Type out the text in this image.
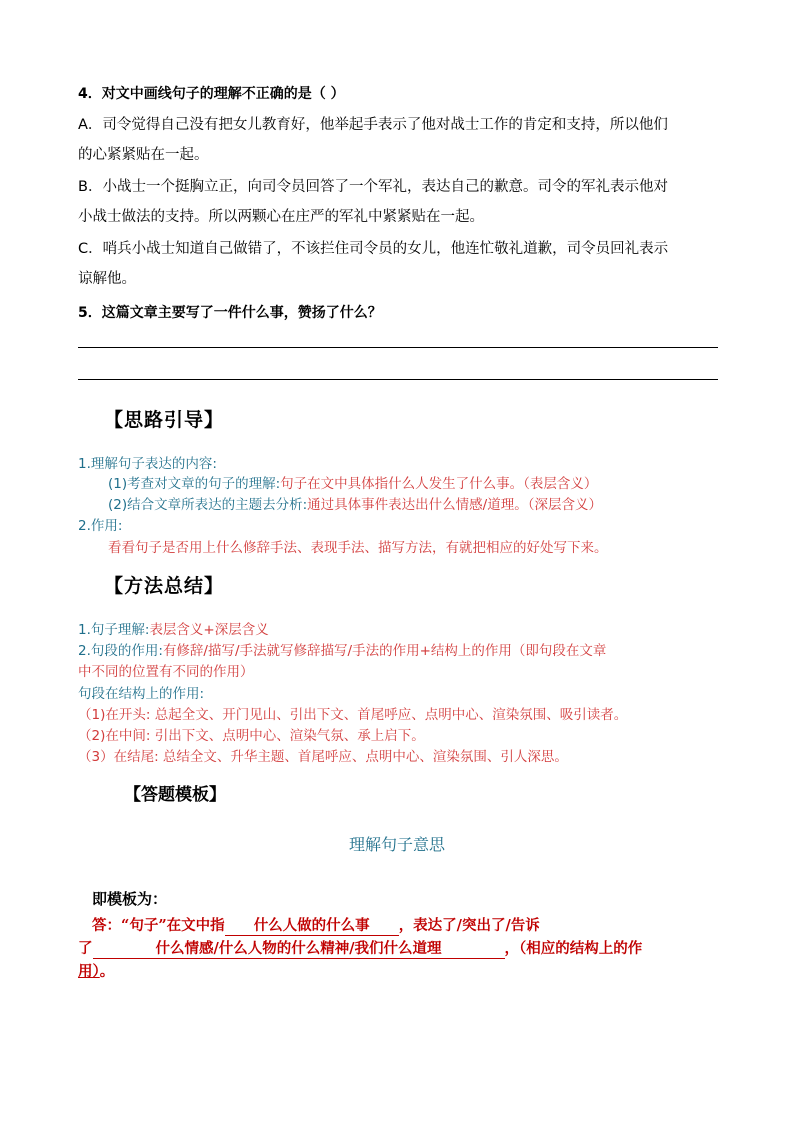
4．对文中画线句子的理解不正确的是（ ）
A．司令觉得自己没有把女儿教育好，他举起手表示了他对战士工作的肯定和支持，所以他们
的心紧紧贴在一起。
B．小战士一个挺胸立正，向司令员回答了一个军礼，表达自己的歉意。司令的军礼表示他对
小战士做法的支持。所以两颗心在庄严的军礼中紧紧贴在一起。
C．哨兵小战士知道自己做错了，不该拦住司令员的女儿，他连忙敬礼道歉，司令员回礼表示
谅解他。
5．这篇文章主要写了一件什么事，赞扬了什么？
【思路引导】
1.理解句子表达的内容:
(1)考查对文章的句子的理解:句子在文中具体指什么人发生了什么事。（表层含义）
(2)结合文章所表达的主题去分析:通过具体事件表达出什么情感/道理。（深层含义）
2.作用:
看看句子是否用上什么修辞手法、表现手法、描写方法，有就把相应的好处写下来。
【方法总结】
1.句子理解:表层含义+深层含义
2.句段的作用:有修辞/描写/手法就写修辞描写/手法的作用+结构上的作用（即句段在文章
中不同的位置有不同的作用）
句段在结构上的作用:
（1)在开头: 总起全文、开门见山、引出下文、首尾呼应、点明中心、渲染氛围、吸引读者。
（2)在中间: 引出下文、点明中心、渲染气氛、承上启下。
（3）在结尾: 总结全文、升华主题、首尾呼应、点明中心、渲染氛围、引人深思。
【答题模板】
理解句子意思
即模板为：
答：“句子”在文中指 什么人做的什么事 ，表达了/突出了/告诉
了	什么情感/什么人物的什么精神/我们什么道理	，（相应的结构上的作
用）。
